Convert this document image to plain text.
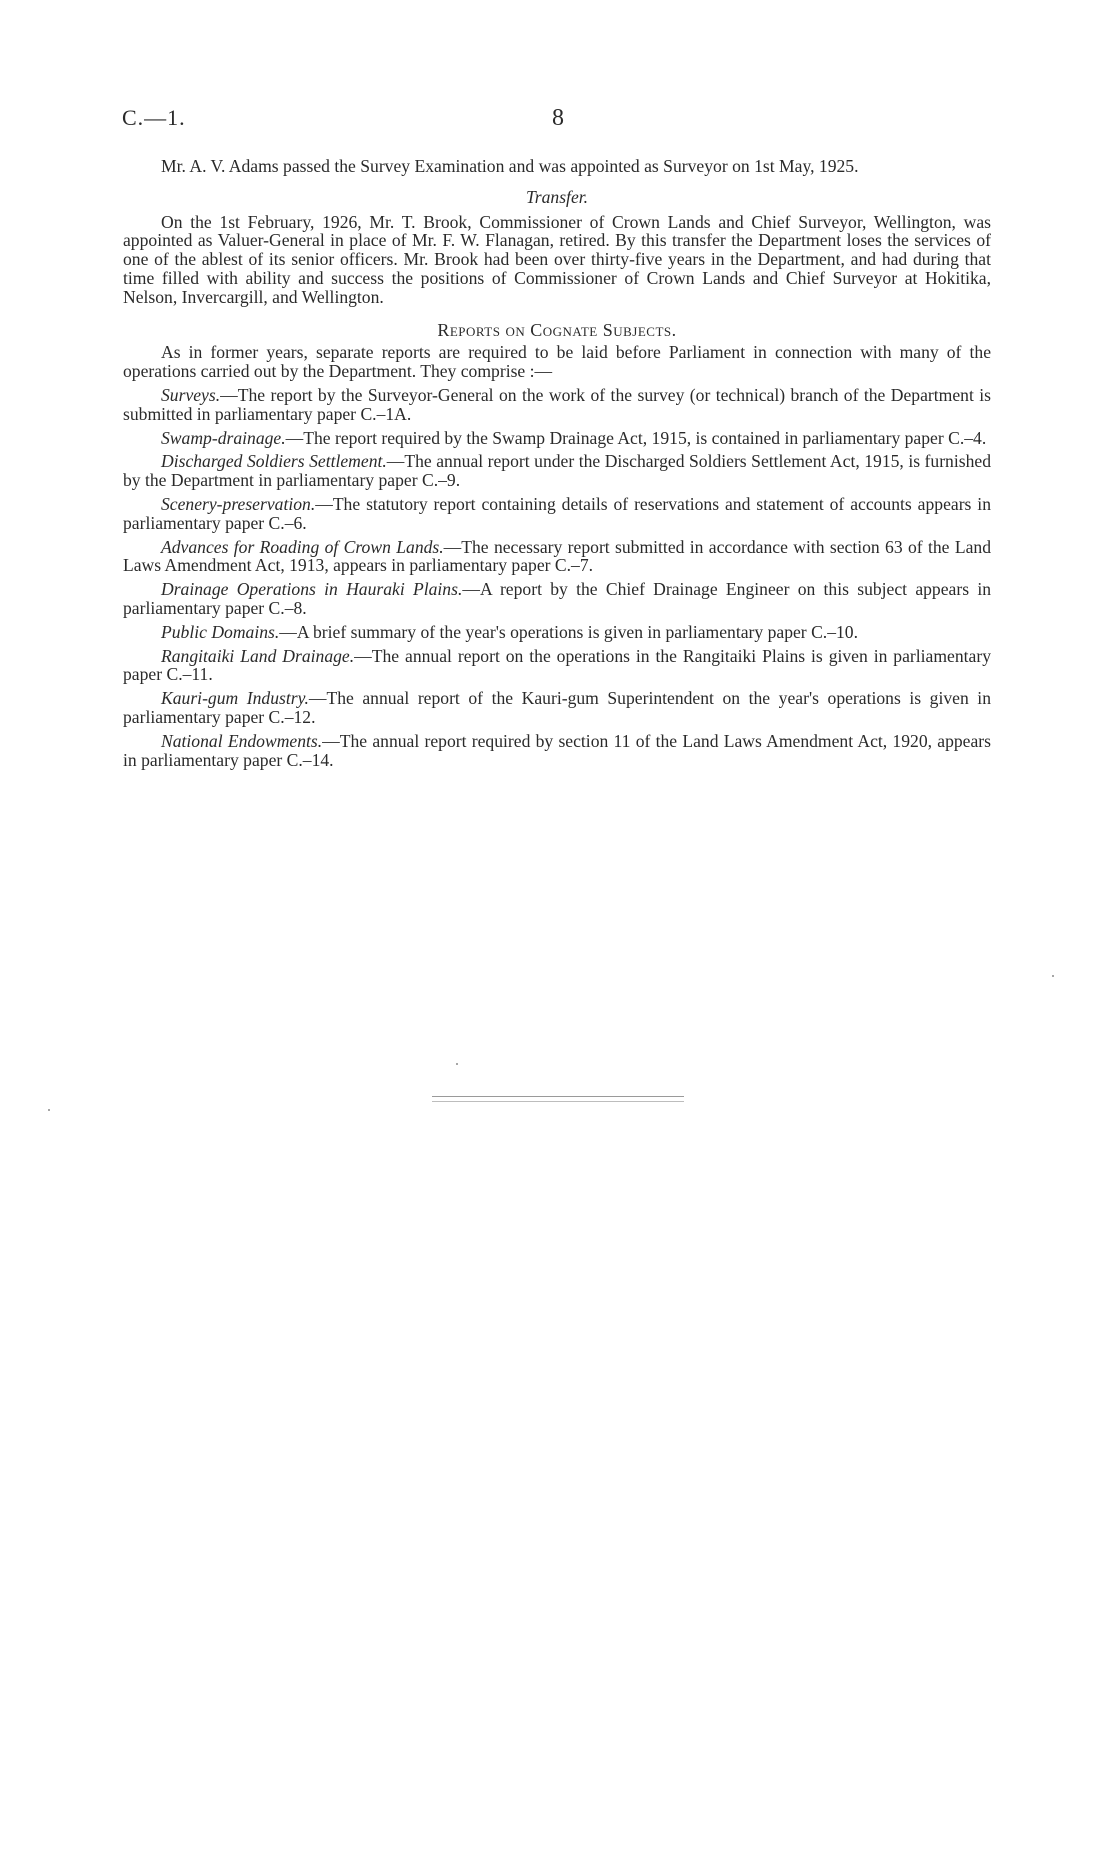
C.—1.	8

Mr. A. V. Adams passed the Survey Examination and was appointed as Surveyor on 1st May, 1925.

Transfer.

On the 1st February, 1926, Mr. T. Brook, Commissioner of Crown Lands and Chief Surveyor, Wellington, was appointed as Valuer-General in place of Mr. F. W. Flanagan, retired. By this transfer the Department loses the services of one of the ablest of its senior officers. Mr. Brook had been over thirty-five years in the Department, and had during that time filled with ability and success the positions of Commissioner of Crown Lands and Chief Surveyor at Hokitika, Nelson, Invercargill, and Wellington.

Reports on Cognate Subjects.

As in former years, separate reports are required to be laid before Parliament in connection with many of the operations carried out by the Department. They comprise :—

Surveys.—The report by the Surveyor-General on the work of the survey (or technical) branch of the Department is submitted in parliamentary paper C.–1A.

Swamp-drainage.—The report required by the Swamp Drainage Act, 1915, is contained in parliamentary paper C.–4.

Discharged Soldiers Settlement.—The annual report under the Discharged Soldiers Settlement Act, 1915, is furnished by the Department in parliamentary paper C.–9.

Scenery-preservation.—The statutory report containing details of reservations and statement of accounts appears in parliamentary paper C.–6.

Advances for Roading of Crown Lands.—The necessary report submitted in accordance with section 63 of the Land Laws Amendment Act, 1913, appears in parliamentary paper C.–7.

Drainage Operations in Hauraki Plains.—A report by the Chief Drainage Engineer on this subject appears in parliamentary paper C.–8.

Public Domains.—A brief summary of the year's operations is given in parliamentary paper C.–10.

Rangitaiki Land Drainage.—The annual report on the operations in the Rangitaiki Plains is given in parliamentary paper C.–11.

Kauri-gum Industry.—The annual report of the Kauri-gum Superintendent on the year's operations is given in parliamentary paper C.–12.

National Endowments.—The annual report required by section 11 of the Land Laws Amendment Act, 1920, appears in parliamentary paper C.–14.
